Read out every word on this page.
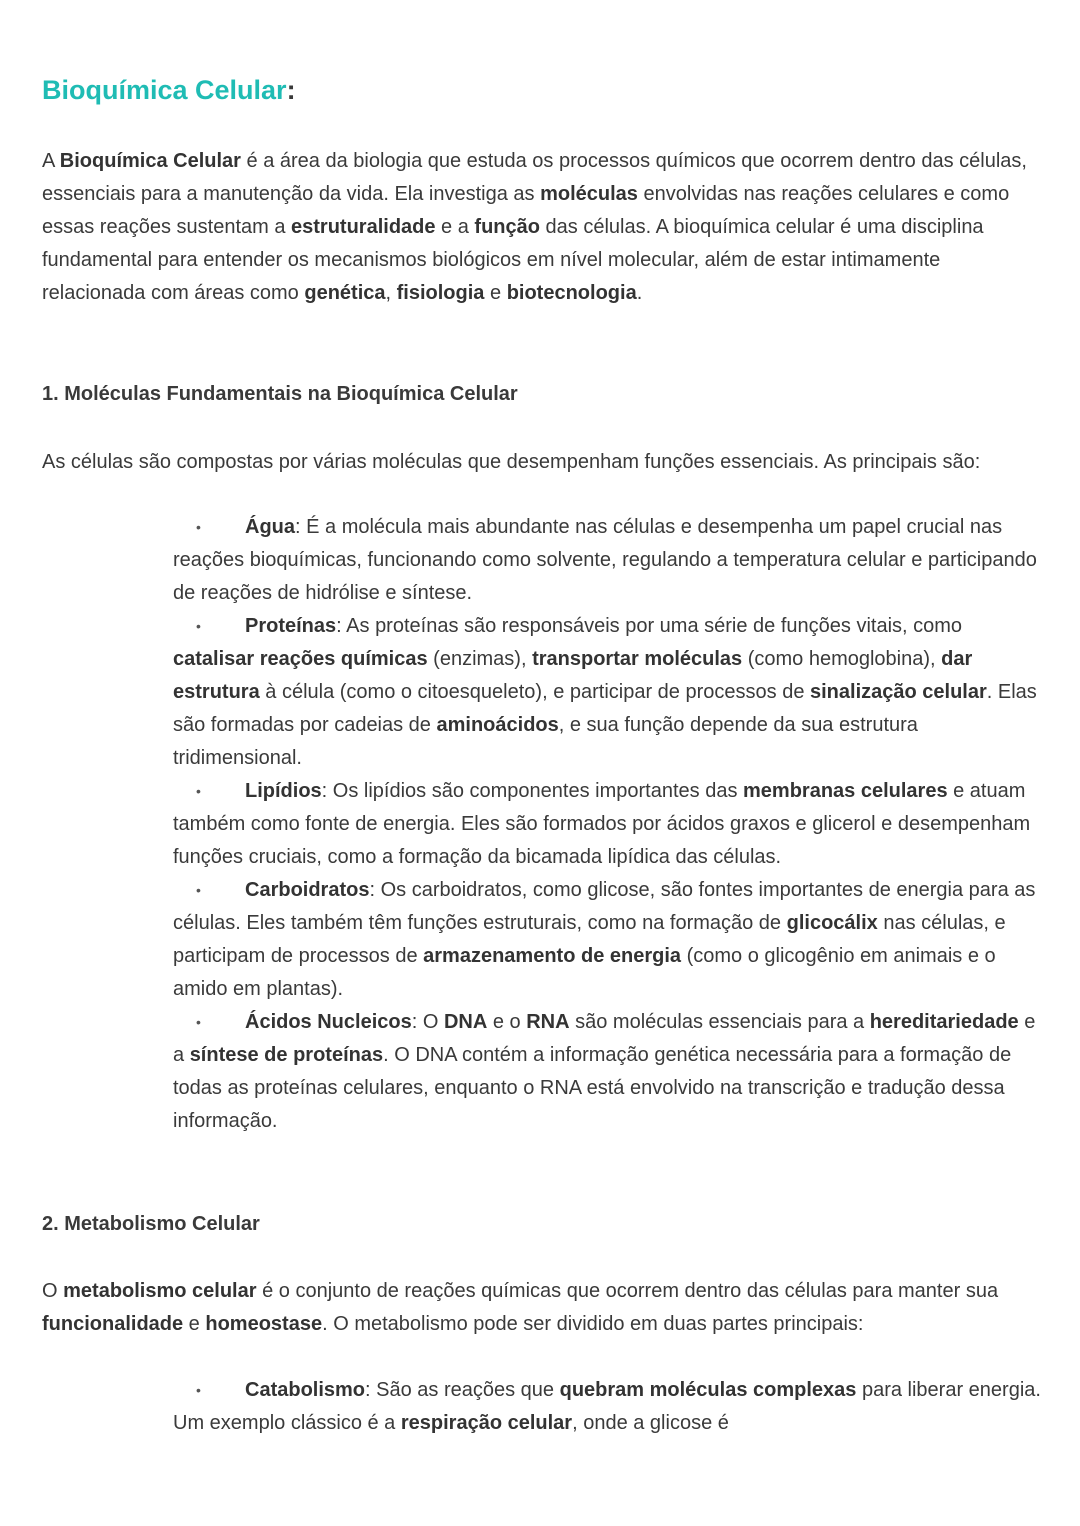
Bioquímica Celular:

A Bioquímica Celular é a área da biologia que estuda os processos químicos que ocorrem dentro das células, essenciais para a manutenção da vida. Ela investiga as moléculas envolvidas nas reações celulares e como essas reações sustentam a estruturalidade e a função das células. A bioquímica celular é uma disciplina fundamental para entender os mecanismos biológicos em nível molecular, além de estar intimamente relacionada com áreas como genética, fisiologia e biotecnologia.

1. Moléculas Fundamentais na Bioquímica Celular

As células são compostas por várias moléculas que desempenham funções essenciais. As principais são:

• Água: É a molécula mais abundante nas células e desempenha um papel crucial nas reações bioquímicas, funcionando como solvente, regulando a temperatura celular e participando de reações de hidrólise e síntese.
• Proteínas: As proteínas são responsáveis por uma série de funções vitais, como catalisar reações químicas (enzimas), transportar moléculas (como hemoglobina), dar estrutura à célula (como o citoesqueleto), e participar de processos de sinalização celular. Elas são formadas por cadeias de aminoácidos, e sua função depende da sua estrutura tridimensional.
• Lipídios: Os lipídios são componentes importantes das membranas celulares e atuam também como fonte de energia. Eles são formados por ácidos graxos e glicerol e desempenham funções cruciais, como a formação da bicamada lipídica das células.
• Carboidratos: Os carboidratos, como glicose, são fontes importantes de energia para as células. Eles também têm funções estruturais, como na formação de glicocálix nas células, e participam de processos de armazenamento de energia (como o glicogênio em animais e o amido em plantas).
• Ácidos Nucleicos: O DNA e o RNA são moléculas essenciais para a hereditariedade e a síntese de proteínas. O DNA contém a informação genética necessária para a formação de todas as proteínas celulares, enquanto o RNA está envolvido na transcrição e tradução dessa informação.
2. Metabolismo Celular

O metabolismo celular é o conjunto de reações químicas que ocorrem dentro das células para manter sua funcionalidade e homeostase. O metabolismo pode ser dividido em duas partes principais:

• Catabolismo: São as reações que quebram moléculas complexas para liberar energia. Um exemplo clássico é a respiração celular, onde a glicose é
